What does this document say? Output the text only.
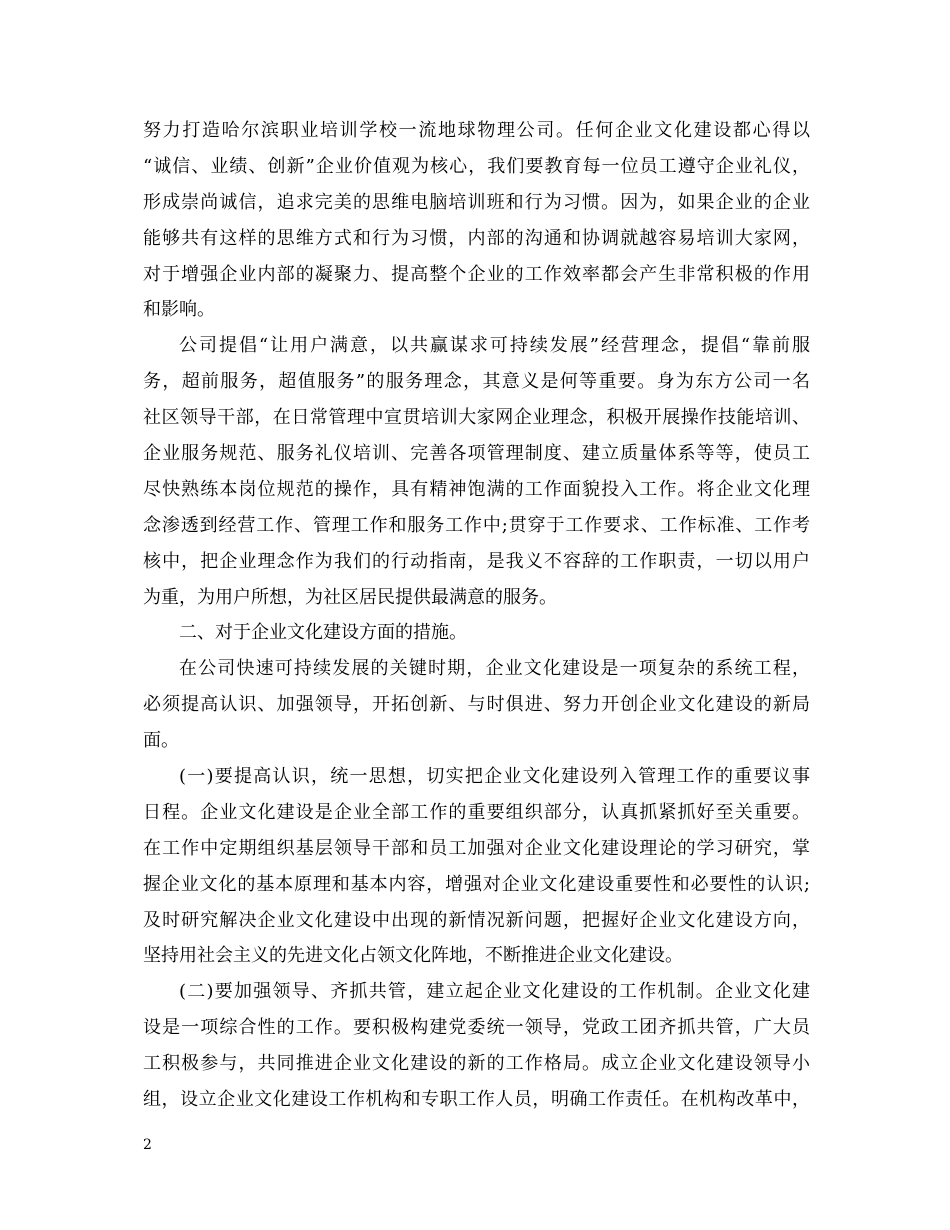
努力打造哈尔滨职业培训学校一流地球物理公司。任何企业文化建设都心得以
“诚信、业绩、创新”企业价值观为核心，我们要教育每一位员工遵守企业礼仪，
形成崇尚诚信，追求完美的思维电脑培训班和行为习惯。因为，如果企业的企业
能够共有这样的思维方式和行为习惯，内部的沟通和协调就越容易培训大家网，
对于增强企业内部的凝聚力、提高整个企业的工作效率都会产生非常积极的作用
和影响。
公司提倡“让用户满意，以共赢谋求可持续发展”经营理念，提倡“靠前服
务，超前服务，超值服务”的服务理念，其意义是何等重要。身为东方公司一名
社区领导干部，在日常管理中宣贯培训大家网企业理念，积极开展操作技能培训、
企业服务规范、服务礼仪培训、完善各项管理制度、建立质量体系等等，使员工
尽快熟练本岗位规范的操作，具有精神饱满的工作面貌投入工作。将企业文化理
念渗透到经营工作、管理工作和服务工作中;贯穿于工作要求、工作标准、工作考
核中，把企业理念作为我们的行动指南，是我义不容辞的工作职责，一切以用户
为重，为用户所想，为社区居民提供最满意的服务。
二、对于企业文化建设方面的措施。
在公司快速可持续发展的关键时期，企业文化建设是一项复杂的系统工程，
必须提高认识、加强领导，开拓创新、与时俱进、努力开创企业文化建设的新局
面。
(一)要提高认识，统一思想，切实把企业文化建设列入管理工作的重要议事
日程。企业文化建设是企业全部工作的重要组织部分，认真抓紧抓好至关重要。
在工作中定期组织基层领导干部和员工加强对企业文化建设理论的学习研究，掌
握企业文化的基本原理和基本内容，增强对企业文化建设重要性和必要性的认识;
及时研究解决企业文化建设中出现的新情况新问题，把握好企业文化建设方向，
坚持用社会主义的先进文化占领文化阵地，不断推进企业文化建设。
(二)要加强领导、齐抓共管，建立起企业文化建设的工作机制。企业文化建
设是一项综合性的工作。要积极构建党委统一领导，党政工团齐抓共管，广大员
工积极参与，共同推进企业文化建设的新的工作格局。成立企业文化建设领导小
组，设立企业文化建设工作机构和专职工作人员，明确工作责任。在机构改革中，
2
